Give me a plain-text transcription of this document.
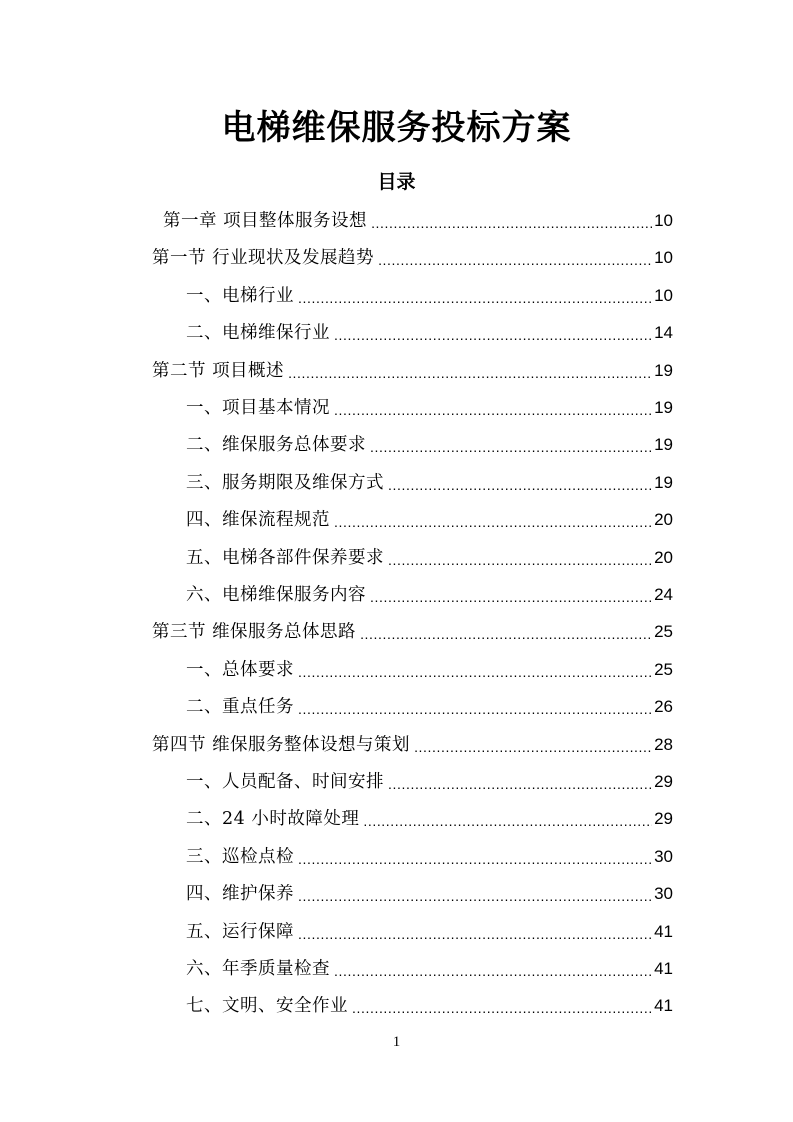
电梯维保服务投标方案
目录
第一章 项目整体服务设想 .....	10
第一节 行业现状及发展趋势 .....	10
一、电梯行业 .....	10
二、电梯维保行业 .....	14
第二节 项目概述 .....	19
一、项目基本情况 .....	19
二、维保服务总体要求 .....	19
三、服务期限及维保方式 .....	19
四、维保流程规范 .....	20
五、电梯各部件保养要求 .....	20
六、电梯维保服务内容 .....	24
第三节 维保服务总体思路 .....	25
一、总体要求 .....	25
二、重点任务 .....	26
第四节 维保服务整体设想与策划 .....	28
一、人员配备、时间安排 .....	29
二、24 小时故障处理 .....	29
三、巡检点检 .....	30
四、维护保养 .....	30
五、运行保障 .....	41
六、年季质量检查 .....	41
七、文明、安全作业 .....	41
1
